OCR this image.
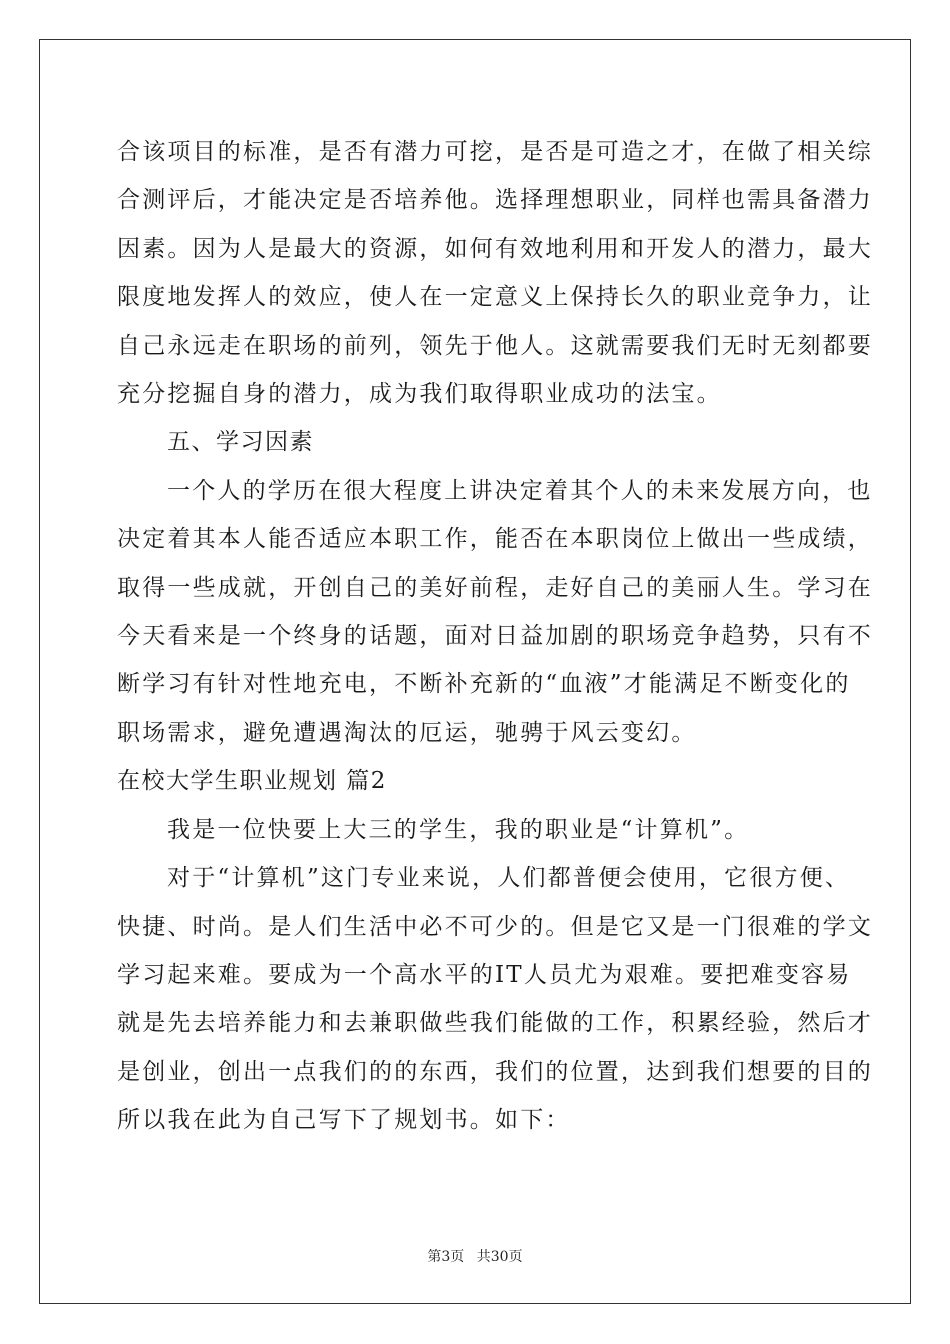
合该项目的标准，是否有潜力可挖，是否是可造之才，在做了相关综

合测评后，才能决定是否培养他。选择理想职业，同样也需具备潜力

因素。因为人是最大的资源，如何有效地利用和开发人的潜力，最大

限度地发挥人的效应，使人在一定意义上保持长久的职业竞争力，让

自己永远走在职场的前列，领先于他人。这就需要我们无时无刻都要

充分挖掘自身的潜力，成为我们取得职业成功的法宝。

五、学习因素

一个人的学历在很大程度上讲决定着其个人的未来发展方向，也

决定着其本人能否适应本职工作，能否在本职岗位上做出一些成绩，

取得一些成就，开创自己的美好前程，走好自己的美丽人生。学习在

今天看来是一个终身的话题，面对日益加剧的职场竞争趋势，只有不

断学习有针对性地充电，不断补充新的“血液”才能满足不断变化的

职场需求，避免遭遇淘汰的厄运，驰骋于风云变幻。

在校大学生职业规划 篇2

我是一位快要上大三的学生，我的职业是“计算机”。

对于“计算机”这门专业来说，人们都普便会使用，它很方便、

快捷、时尚。是人们生活中必不可少的。但是它又是一门很难的学文

学习起来难。要成为一个高水平的IT人员尤为艰难。要把难变容易

就是先去培养能力和去兼职做些我们能做的工作，积累经验，然后才

是创业，创出一点我们的的东西，我们的位置，达到我们想要的目的

所以我在此为自己写下了规划书。如下：

第3页 共30页
